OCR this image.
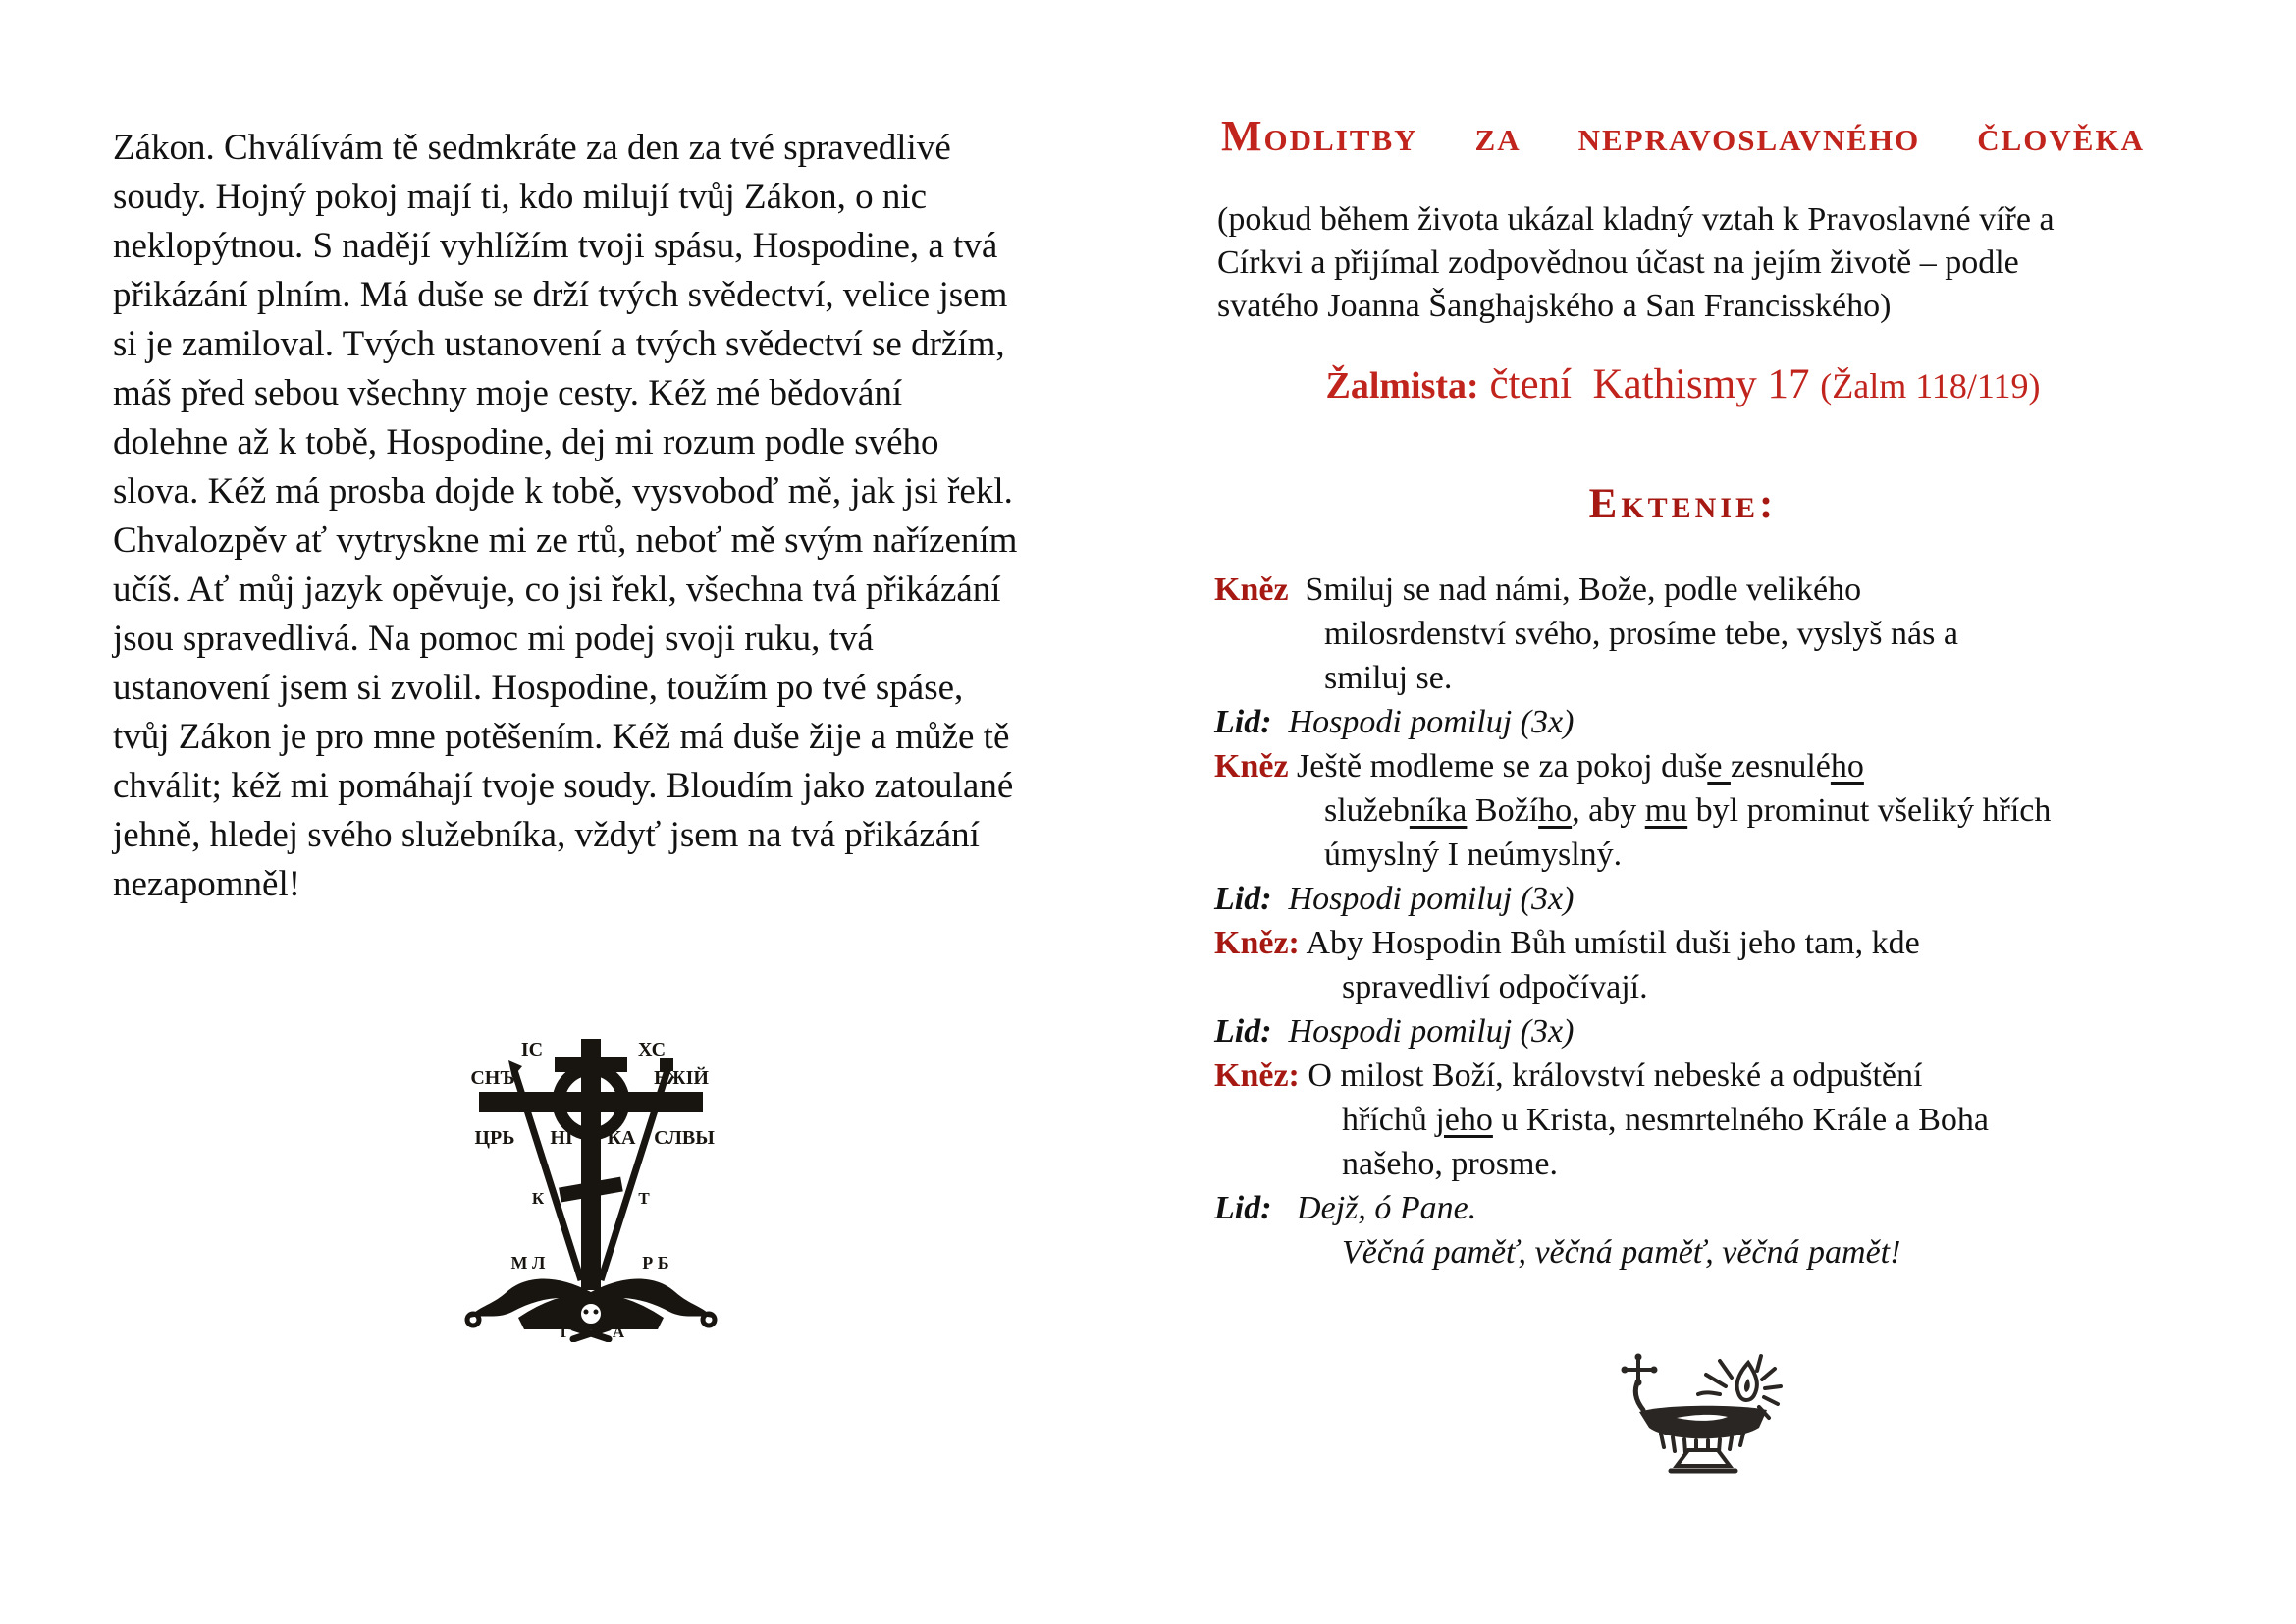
Zákon. Chválívám tě sedmkráte za den za tvé spravedlivé
soudy. Hojný pokoj mají ti, kdo milují tvůj Zákon, o nic
neklopýtnou. S nadějí vyhlížím tvoji spásu, Hospodine, a tvá
přikázání plním. Má duše se drží tvých svědectví, velice jsem
si je zamiloval. Tvých ustanovení a tvých svědectví se držím,
máš před sebou všechny moje cesty. Kéž mé bědování
dolehne až k tobě, Hospodine, dej mi rozum podle svého
slova. Kéž má prosba dojde k tobě, vysvoboď mě, jak jsi řekl.
Chvalozpěv ať vytryskne mi ze rtů, neboť mě svým nařízením
učíš. Ať můj jazyk opěvuje, co jsi řekl, všechna tvá přikázání
jsou spravedlivá. Na pomoc mi podej svoji ruku, tvá
ustanovení jsem si zvolil. Hospodine, toužím po tvé spáse,
tvůj Zákon je pro mne potěšením. Kéž má duše žije a může tě
chválit; kéž mi pomáhají tvoje soudy. Bloudím jako zatoulané
jehně, hledej svého služebníka, vždyť jsem na tvá přikázání
nezapomněl!
ІС	ХС
СНЪ	БЖІЙ
ЦРЬ НІ КА СЛВЫ
К	Т
М Л	Р Б
Г А
Modlitby  za  nepravoslavného  člověka
(pokud během života ukázal kladný vztah k Pravoslavné víře a
Církvi a přijímal zodpovědnou účast na jejím životě – podle
svatého Joanna Šanghajského a San Francisského)
Žalmista: čtení  Kathismy 17 (Žalm 118/119)
Ektenie:
Kněz  Smiluj se nad námi, Bože, podle velikého
milosrdenství svého, prosíme tebe, vyslyš nás a
smiluj se.
Lid:  Hospodi pomiluj (3x)
Kněz Ještě modleme se za pokoj duše zesnulého
služebníka Božího, aby mu byl prominut všeliký hřích
úmyslný I neúmyslný.
Lid:  Hospodi pomiluj (3x)
Kněz: Aby Hospodin Bůh umístil duši jeho tam, kde
spravedliví odpočívají.
Lid:  Hospodi pomiluj (3x)
Kněz: O milost Boží, království nebeské a odpuštění
hříchů jeho u Krista, nesmrtelného Krále a Boha
našeho, prosme.
Lid:   Dejž, ó Pane.
Věčná paměť, věčná paměť, věčná pamět!
